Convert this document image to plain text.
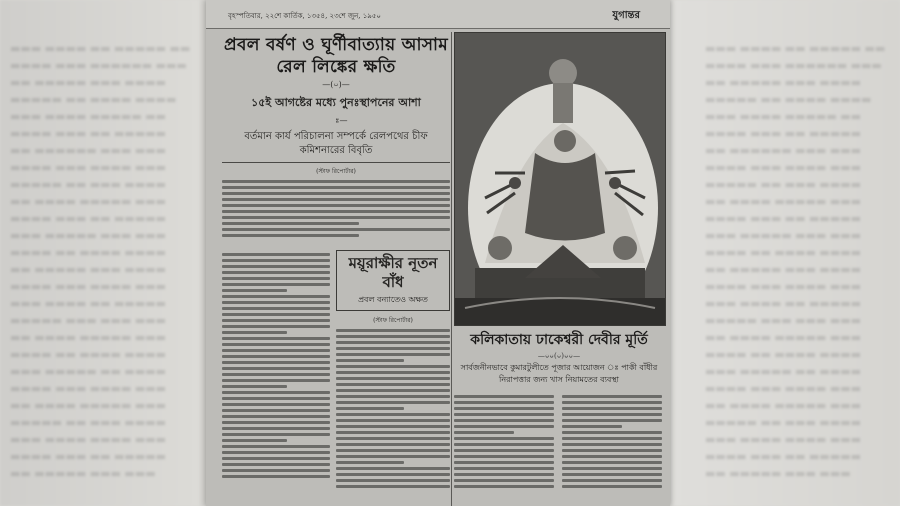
▬▬▬ ▬▬▬▬ ▬▬ ▬▬▬▬▬ ▬▬
▬▬▬▬ ▬▬▬ ▬▬▬▬▬▬ ▬▬▬
▬▬ ▬▬▬▬▬ ▬▬▬ ▬▬▬▬
▬▬▬▬▬ ▬▬ ▬▬▬▬ ▬▬▬▬
▬▬▬ ▬▬▬▬ ▬▬▬▬▬ ▬▬
▬▬▬▬ ▬▬▬ ▬▬ ▬▬▬▬▬
▬▬ ▬▬▬▬▬▬ ▬▬▬ ▬▬▬
▬▬▬▬ ▬▬▬ ▬▬▬▬ ▬▬▬
▬▬▬▬▬ ▬▬ ▬▬▬ ▬▬▬▬
▬▬ ▬▬▬▬ ▬▬▬▬▬ ▬▬▬
▬▬▬▬ ▬▬▬ ▬▬ ▬▬▬▬▬
▬▬▬ ▬▬▬▬▬ ▬▬▬ ▬▬▬
▬▬▬▬ ▬▬ ▬▬▬▬ ▬▬▬▬
▬▬ ▬▬▬▬▬ ▬▬▬ ▬▬▬▬
▬▬▬▬ ▬▬▬ ▬▬▬▬ ▬▬▬
▬▬▬ ▬▬▬▬ ▬▬ ▬▬▬▬▬
▬▬▬▬▬ ▬▬▬ ▬▬▬ ▬▬▬
▬▬ ▬▬▬▬ ▬▬▬▬▬ ▬▬▬
▬▬▬▬ ▬▬ ▬▬▬▬ ▬▬▬▬
▬▬▬ ▬▬▬▬▬ ▬▬ ▬▬▬▬
▬▬▬▬ ▬▬▬ ▬▬▬▬ ▬▬▬
▬▬ ▬▬▬▬ ▬▬▬▬▬ ▬▬▬
▬▬▬▬▬ ▬▬ ▬▬▬ ▬▬▬▬
▬▬▬ ▬▬▬▬ ▬▬▬▬ ▬▬▬
▬▬▬▬ ▬▬▬ ▬▬ ▬▬▬▬▬
▬▬ ▬▬▬▬▬ ▬▬▬ ▬▬▬
▬▬▬ ▬▬▬▬ ▬▬ ▬▬▬▬▬ ▬▬
▬▬▬▬ ▬▬▬ ▬▬▬▬▬▬ ▬▬▬
▬▬ ▬▬▬▬▬ ▬▬▬ ▬▬▬▬
▬▬▬▬▬ ▬▬ ▬▬▬▬ ▬▬▬▬
▬▬▬ ▬▬▬▬ ▬▬▬▬▬ ▬▬
▬▬▬▬ ▬▬▬ ▬▬ ▬▬▬▬▬
▬▬ ▬▬▬▬▬▬ ▬▬▬ ▬▬▬
▬▬▬▬ ▬▬▬ ▬▬▬▬ ▬▬▬
▬▬▬▬▬ ▬▬ ▬▬▬ ▬▬▬▬
▬▬ ▬▬▬▬ ▬▬▬▬▬ ▬▬▬
▬▬▬▬ ▬▬▬ ▬▬ ▬▬▬▬▬
▬▬▬ ▬▬▬▬▬ ▬▬▬ ▬▬▬
▬▬▬▬ ▬▬ ▬▬▬▬ ▬▬▬▬
▬▬ ▬▬▬▬▬ ▬▬▬ ▬▬▬▬
▬▬▬▬ ▬▬▬ ▬▬▬▬ ▬▬▬
▬▬▬ ▬▬▬▬ ▬▬ ▬▬▬▬▬
▬▬▬▬▬ ▬▬▬ ▬▬▬ ▬▬▬
▬▬ ▬▬▬▬ ▬▬▬▬▬ ▬▬▬
▬▬▬▬ ▬▬ ▬▬▬▬ ▬▬▬▬
▬▬▬ ▬▬▬▬▬ ▬▬ ▬▬▬▬
▬▬▬▬ ▬▬▬ ▬▬▬▬ ▬▬▬
▬▬ ▬▬▬▬ ▬▬▬▬▬ ▬▬▬
▬▬▬▬▬ ▬▬ ▬▬▬ ▬▬▬▬
▬▬▬ ▬▬▬▬ ▬▬▬▬ ▬▬▬
▬▬▬▬ ▬▬▬ ▬▬ ▬▬▬▬▬
▬▬ ▬▬▬▬▬ ▬▬▬ ▬▬▬
বৃহস্পতিবার, ২২শে কার্তিক, ১৩৫৪, ২৩শে জুন, ১৯৫০	যুগান্তর
প্রবল বর্ষণ ও ঘূর্ণীবাত্যায় আসাম রেল লিঙ্কের ক্ষতি
—(০)—
১৫ই আগষ্টের মধ্যে পুনঃস্থাপনের আশা
—ঃ—
বর্তমান কার্য পরিচালনা সম্পর্কে রেলপথের চীফ কমিশনারের বিবৃতি
(স্টাফ রিপোর্টার)
ময়ূরাক্ষীর নূতন বাঁধ
প্রবল বন্যাতেও অক্ষত
(স্টাফ রিপোর্টার)
কলিকাতায় ঢাকেশ্বরী দেবীর মূর্তি
—০০(০)০০—
সার্বজনীনভাবে কুমারটুলীতে পূজার আয়োজন ঃ পাকী বাঁধীর নিরাপত্তার জন্য খাস নিয়ামতের ব্যবস্থা
